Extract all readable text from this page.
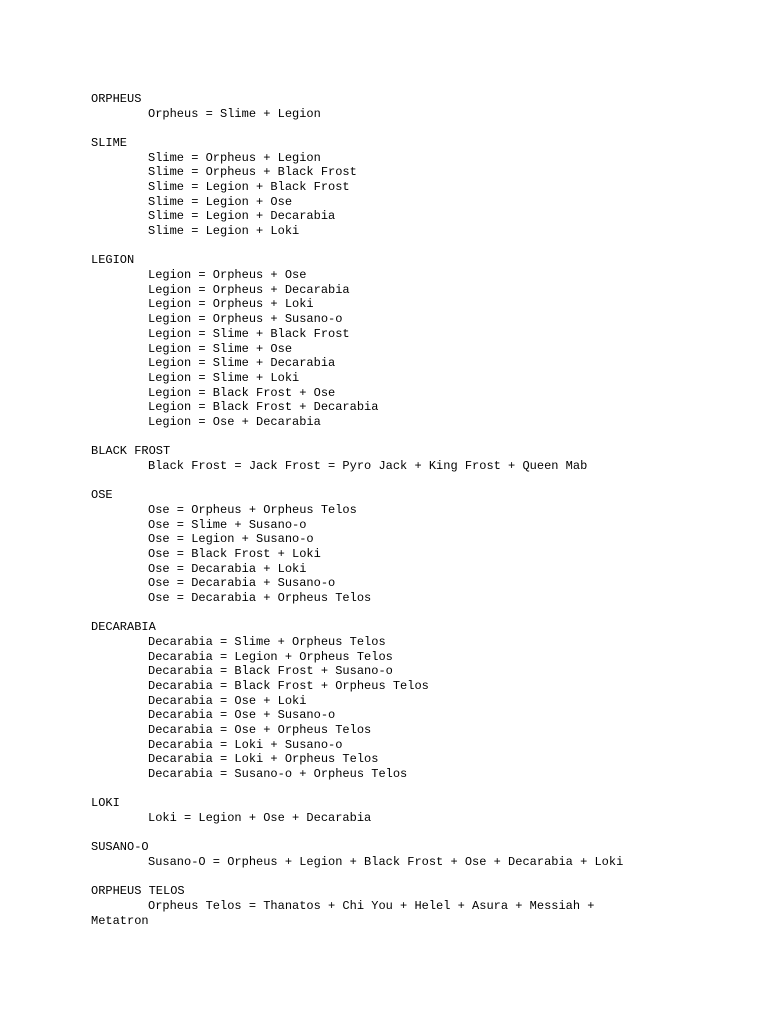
ORPHEUS
Orpheus = Slime + Legion
SLIME
Slime = Orpheus + Legion
Slime = Orpheus + Black Frost
Slime = Legion + Black Frost
Slime = Legion + Ose
Slime = Legion + Decarabia
Slime = Legion + Loki
LEGION
Legion = Orpheus + Ose
Legion = Orpheus + Decarabia
Legion = Orpheus + Loki
Legion = Orpheus + Susano-o
Legion = Slime + Black Frost
Legion = Slime + Ose
Legion = Slime + Decarabia
Legion = Slime + Loki
Legion = Black Frost + Ose
Legion = Black Frost + Decarabia
Legion = Ose + Decarabia
BLACK FROST
Black Frost = Jack Frost = Pyro Jack + King Frost + Queen Mab
OSE
Ose = Orpheus + Orpheus Telos
Ose = Slime + Susano-o
Ose = Legion + Susano-o
Ose = Black Frost + Loki
Ose = Decarabia + Loki
Ose = Decarabia + Susano-o
Ose = Decarabia + Orpheus Telos
DECARABIA
Decarabia = Slime + Orpheus Telos
Decarabia = Legion + Orpheus Telos
Decarabia = Black Frost + Susano-o
Decarabia = Black Frost + Orpheus Telos
Decarabia = Ose + Loki
Decarabia = Ose + Susano-o
Decarabia = Ose + Orpheus Telos
Decarabia = Loki + Susano-o
Decarabia = Loki + Orpheus Telos
Decarabia = Susano-o + Orpheus Telos
LOKI
Loki = Legion + Ose + Decarabia
SUSANO-O
Susano-O = Orpheus + Legion + Black Frost + Ose + Decarabia + Loki
ORPHEUS TELOS
Orpheus Telos = Thanatos + Chi You + Helel + Asura + Messiah + Metatron
